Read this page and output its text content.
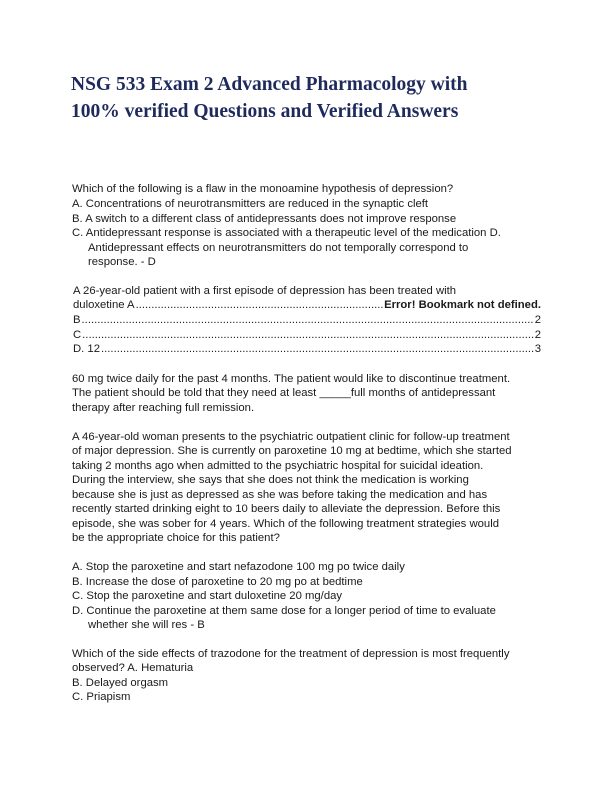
NSG 533 Exam 2 Advanced Pharmacology with
100% verified Questions and Verified Answers
Which of the following is a flaw in the monoamine hypothesis of depression?
A. Concentrations of neurotransmitters are reduced in the synaptic cleft
B. A switch to a different class of antidepressants does not improve response
C. Antidepressant response is associated with a therapeutic level of the medication D.
Antidepressant effects on neurotransmitters do not temporally correspond to
response. - D
A 26-year-old patient with a first episode of depression has been treated with
duloxetine A .....	Error! Bookmark not defined.
B .....	2
C .....	2
D. 12 .....	3
60 mg twice daily for the past 4 months. The patient would like to discontinue treatment.
The patient should be told that they need at least _____full months of antidepressant
therapy after reaching full remission.
A 46-year-old woman presents to the psychiatric outpatient clinic for follow-up treatment
of major depression. She is currently on paroxetine 10 mg at bedtime, which she started
taking 2 months ago when admitted to the psychiatric hospital for suicidal ideation.
During the interview, she says that she does not think the medication is working
because she is just as depressed as she was before taking the medication and has
recently started drinking eight to 10 beers daily to alleviate the depression. Before this
episode, she was sober for 4 years. Which of the following treatment strategies would
be the appropriate choice for this patient?
A. Stop the paroxetine and start nefazodone 100 mg po twice daily
B. Increase the dose of paroxetine to 20 mg po at bedtime
C. Stop the paroxetine and start duloxetine 20 mg/day
D. Continue the paroxetine at them same dose for a longer period of time to evaluate
whether she will res - B
Which of the side effects of trazodone for the treatment of depression is most frequently
observed? A. Hematuria
B. Delayed orgasm
C. Priapism
